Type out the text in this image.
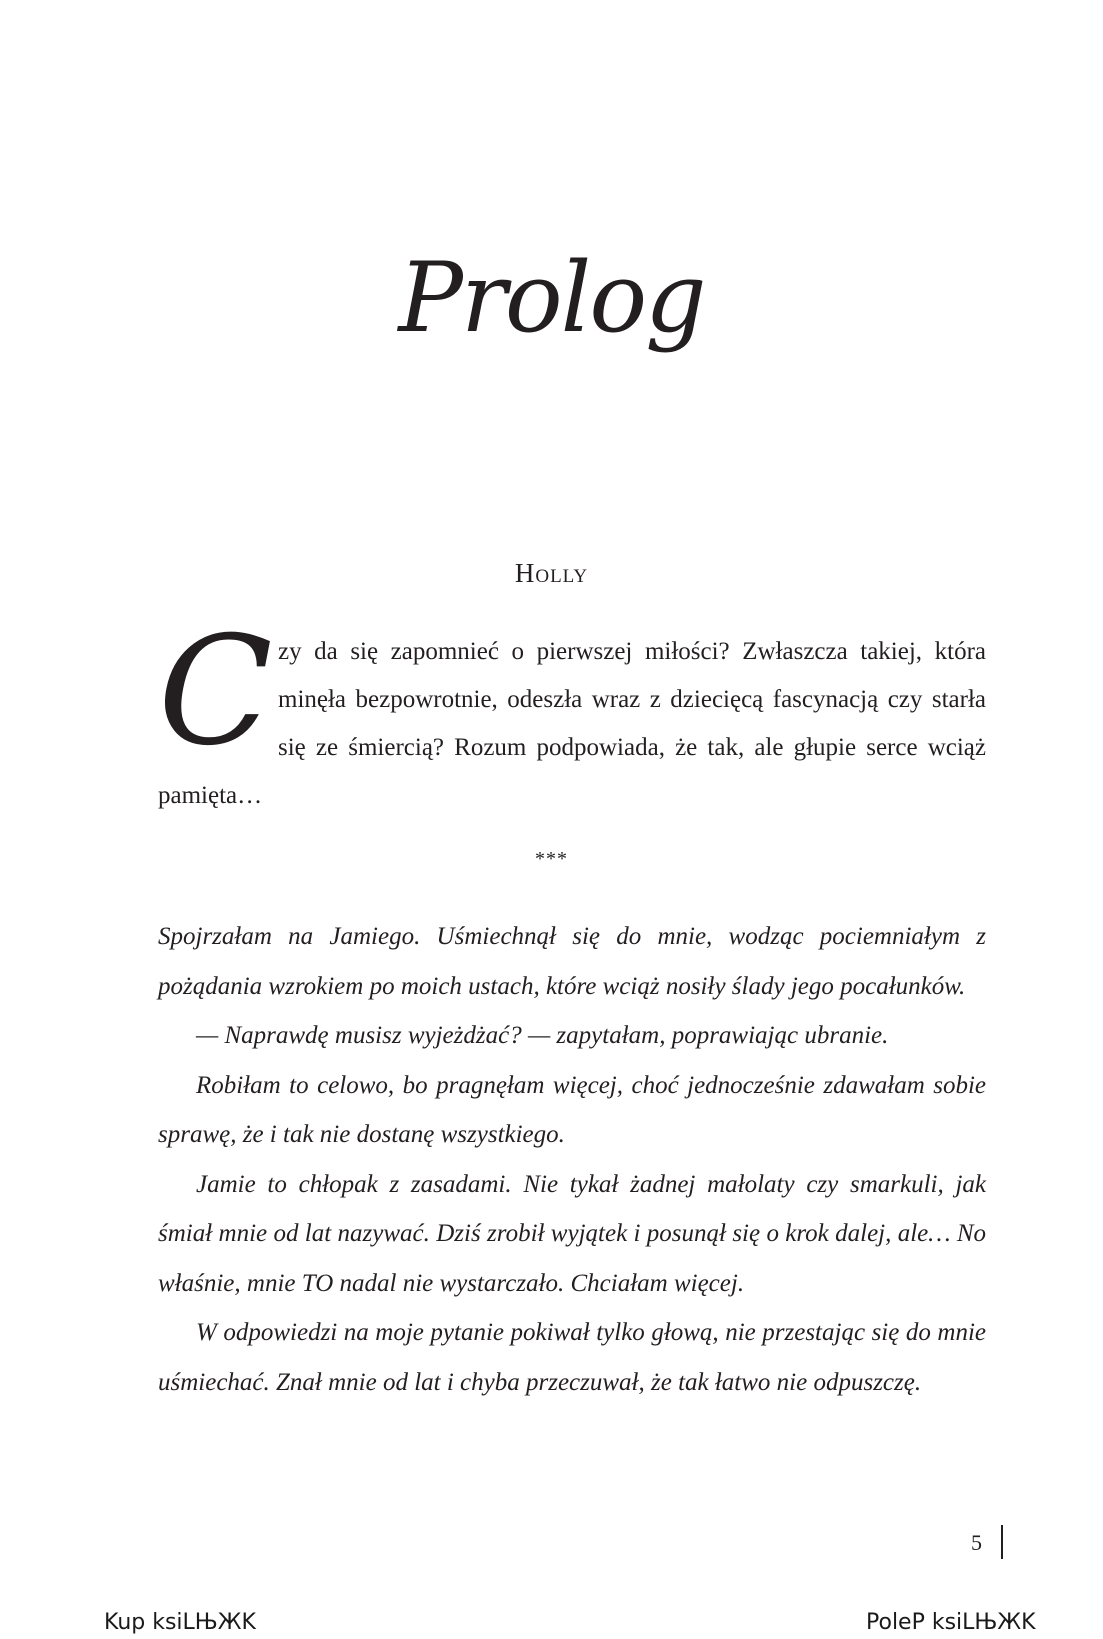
Prolog
Holly
C zy da się zapomnieć o pierwszej miłości? Zwłaszcza takiej, która minęła bezpowrotnie, odeszła wraz z dziecięcą fascynacją czy starła się ze śmiercią? Rozum podpowiada, że tak, ale głupie serce wciąż pamięta…
***

Spojrzałam na Jamiego. Uśmiechnął się do mnie, wodząc pociemniałym z pożądania wzrokiem po moich ustach, które wciąż nosiły ślady jego pocałunków.

— Naprawdę musisz wyjeżdżać? — zapytałam, poprawiając ubranie.

Robiłam to celowo, bo pragnęłam więcej, choć jednocześnie zdawałam sobie sprawę, że i tak nie dostanę wszystkiego.

Jamie to chłopak z zasadami. Nie tykał żadnej małolaty czy smarkuli, jak śmiał mnie od lat nazywać. Dziś zrobił wyjątek i posunął się o krok dalej, ale… No właśnie, mnie TO nadal nie wystarczało. Chciałam więcej.

W odpowiedzi na moje pytanie pokiwał tylko głową, nie przestając się do mnie uśmiechać. Znał mnie od lat i chyba przeczuwał, że tak łatwo nie odpuszczę.

5
Kup ksiLЊЖK	PoleP ksiLЊЖK
